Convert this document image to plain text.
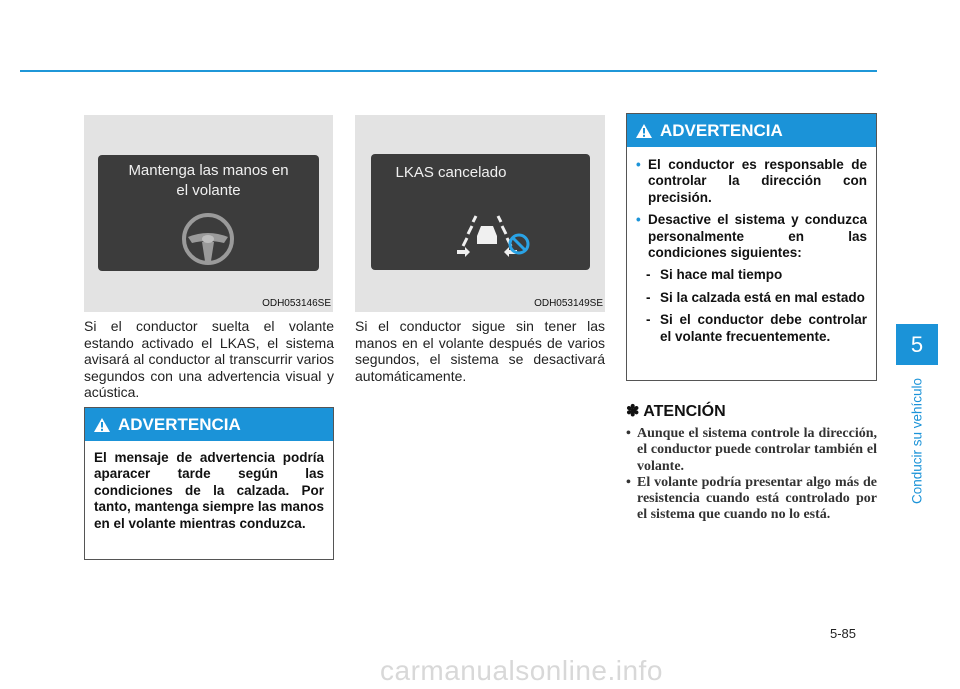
Mantenga las manos en
el volante
ODH053146SE
LKAS cancelado
ODH053149SE
Si el conductor suelta el volante estando activado el LKAS, el sistema avisará al conductor al transcurrir varios segundos con una advertencia visual y acústica.
Si el conductor sigue sin tener las manos en el volante después de varios segundos, el sistema se desactivará automáticamente.
ADVERTENCIA

El mensaje de advertencia podría aparacer tarde según las condiciones de la calzada. Por tanto, mantenga siempre las manos en el volante mientras conduzca.

ADVERTENCIA
• El conductor es responsable de controlar la dirección con precisión.
• Desactive el sistema y conduzca personalmente en las condiciones siguientes:
- Si hace mal tiempo
- Si la calzada está en mal estado
- Si el conductor debe controlar el volante frecuentemente.
✽ ATENCIÓN
• Aunque el sistema controle la dirección, el conductor puede controlar también el volante.
• El volante podría presentar algo más de resistencia cuando está controlado por el sistema que cuando no lo está.
5
Conducir su vehículo
5-85
carmanualsonline.info
